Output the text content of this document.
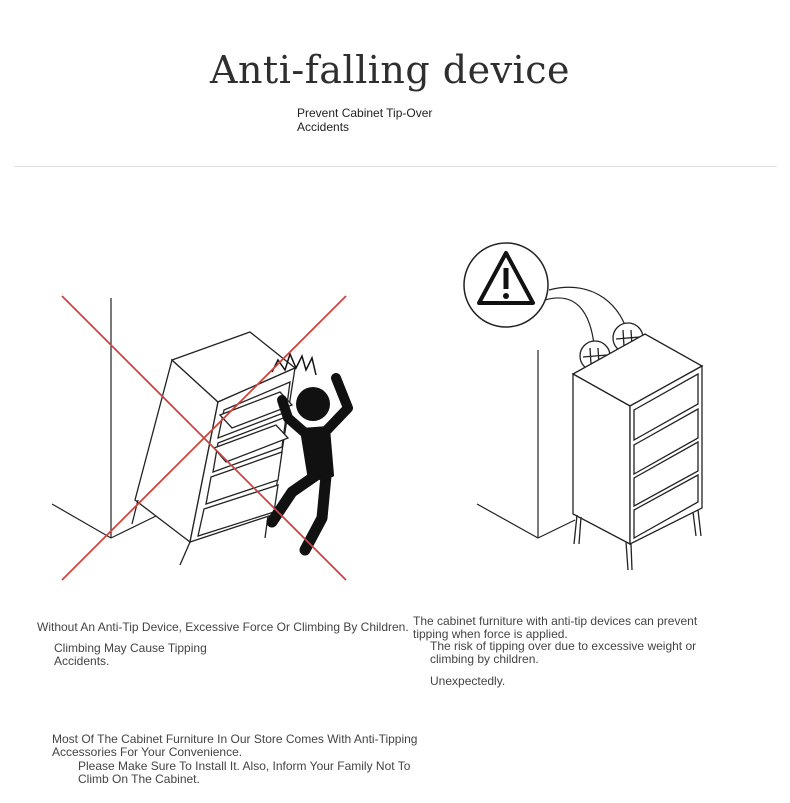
Anti-falling device
Prevent Cabinet Tip-Over Accidents
Without An Anti-Tip Device, Excessive Force Or Climbing By Children.
Climbing May Cause Tipping Accidents.
The cabinet furniture with anti-tip devices can prevent tipping when force is applied.
The risk of tipping over due to excessive weight or climbing by children.
Unexpectedly.
Most Of The Cabinet Furniture In Our Store Comes With Anti-Tipping Accessories For Your Convenience.
Please Make Sure To Install It. Also, Inform Your Family Not To Climb On The Cabinet.
